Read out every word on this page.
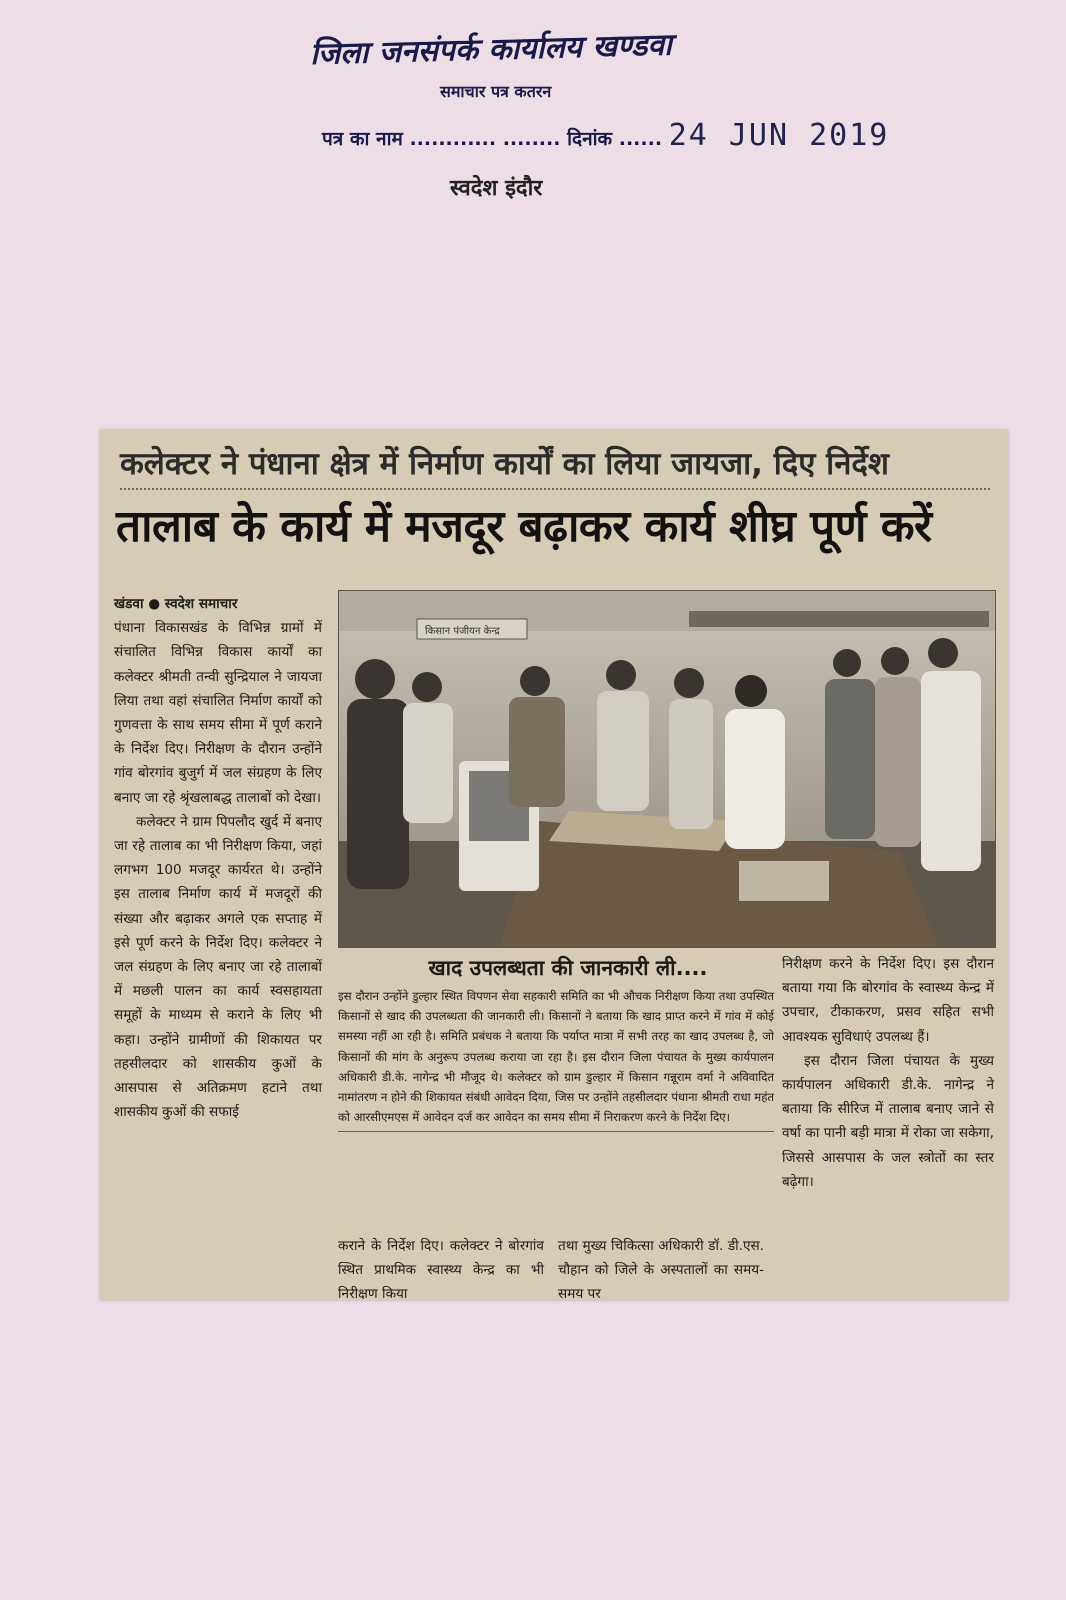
जिला जनसंपर्क कार्यालय खण्डवा
समाचार पत्र कतरन
पत्र का नाम ............ ........ दिनांक ...... 24 JUN 2019
स्वदेश इंदौर
कलेक्टर ने पंधाना क्षेत्र में निर्माण कार्यों का लिया जायजा, दिए निर्देश
तालाब के कार्य में मजदूर बढ़ाकर कार्य शीघ्र पूर्ण करें

खंडवा ● स्वदेश समाचार

पंधाना विकासखंड के विभिन्न ग्रामों में संचालित विभिन्न विकास कार्यों का कलेक्टर श्रीमती तन्वी सुन्द्रियाल ने जायजा लिया तथा वहां संचालित निर्माण कार्यों को गुणवत्ता के साथ समय सीमा में पूर्ण कराने के निर्देश दिए। निरीक्षण के दौरान उन्होंने गांव बोरगांव बुजुर्ग में जल संग्रहण के लिए बनाए जा रहे श्रृंखलाबद्ध तालाबों को देखा।

कलेक्टर ने ग्राम पिपलौद खुर्द में बनाए जा रहे तालाब का भी निरीक्षण किया, जहां लगभग 100 मजदूर कार्यरत थे। उन्होंने इस तालाब निर्माण कार्य में मजदूरों की संख्या और बढ़ाकर अगले एक सप्ताह में इसे पूर्ण करने के निर्देश दिए। कलेक्टर ने जल संग्रहण के लिए बनाए जा रहे तालाबों में मछली पालन का कार्य स्वसहायता समूहों के माध्यम से कराने के लिए भी कहा। उन्होंने ग्रामीणों की शिकायत पर तहसीलदार को शासकीय कुओं के आसपास से अतिक्रमण हटाने तथा शासकीय कुओं की सफाई

किसान पंजीयन केन्द्र
खाद उपलब्धता की जानकारी ली....

इस दौरान उन्होंने डुल्हार स्थित विपणन सेवा सहकारी समिति का भी औचक निरीक्षण किया तथा उपस्थित किसानों से खाद की उपलब्धता की जानकारी ली। किसानों ने बताया कि खाद प्राप्त करने में गांव में कोई समस्या नहीं आ रही है। समिति प्रबंधक ने बताया कि पर्याप्त मात्रा में सभी तरह का खाद उपलब्ध है, जो किसानों की मांग के अनुरूप उपलब्ध कराया जा रहा है। इस दौरान जिला पंचायत के मुख्य कार्यपालन अधिकारी डी.के. नागेन्द्र भी मौजूद थे। कलेक्टर को ग्राम डुल्हार में किसान गन्नूराम वर्मा ने अविवादित नामांतरण न होने की शिकायत संबंधी आवेदन दिया, जिस पर उन्होंने तहसीलदार पंधाना श्रीमती राधा महंत को आरसीएमएस में आवेदन दर्ज कर आवेदन का समय सीमा में निराकरण करने के निर्देश दिए।

कराने के निर्देश दिए। कलेक्टर ने बोरगांव स्थित प्राथमिक स्वास्थ्य केन्द्र का भी निरीक्षण किया

तथा मुख्य चिकित्सा अधिकारी डॉ. डी.एस. चौहान को जिले के अस्पतालों का समय-समय पर

निरीक्षण करने के निर्देश दिए। इस दौरान बताया गया कि बोरगांव के स्वास्थ्य केन्द्र में उपचार, टीकाकरण, प्रसव सहित सभी आवश्यक सुविधाएं उपलब्ध हैं।

इस दौरान जिला पंचायत के मुख्य कार्यपालन अधिकारी डी.के. नागेन्द्र ने बताया कि सीरिज में तालाब बनाए जाने से वर्षा का पानी बड़ी मात्रा में रोका जा सकेगा, जिससे आसपास के जल स्त्रोतों का स्तर बढ़ेगा।
